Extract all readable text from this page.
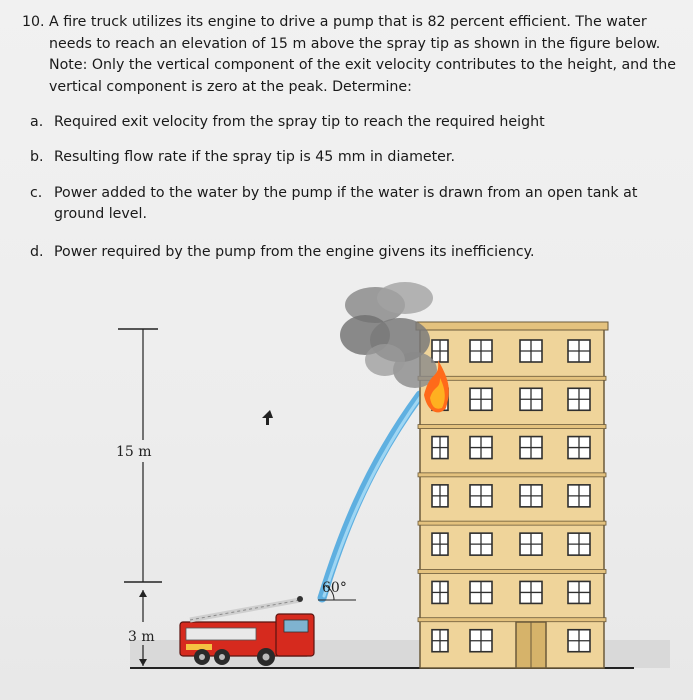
10. A fire truck utilizes its engine to drive a pump that is 82 percent efficient. The water needs to reach an elevation of 15 m above the spray tip as shown in the figure below. Note: Only the vertical component of the exit velocity contributes to the height, and the vertical component is zero at the peak. Determine:
a. Required exit velocity from the spray tip to reach the required height
b. Resulting flow rate if the spray tip is 45 mm in diameter.
c. Power added to the water by the pump if the water is drawn from an open tank at ground level.
d. Power required by the pump from the engine givens its inefficiency.
15 m
3 m
60°
